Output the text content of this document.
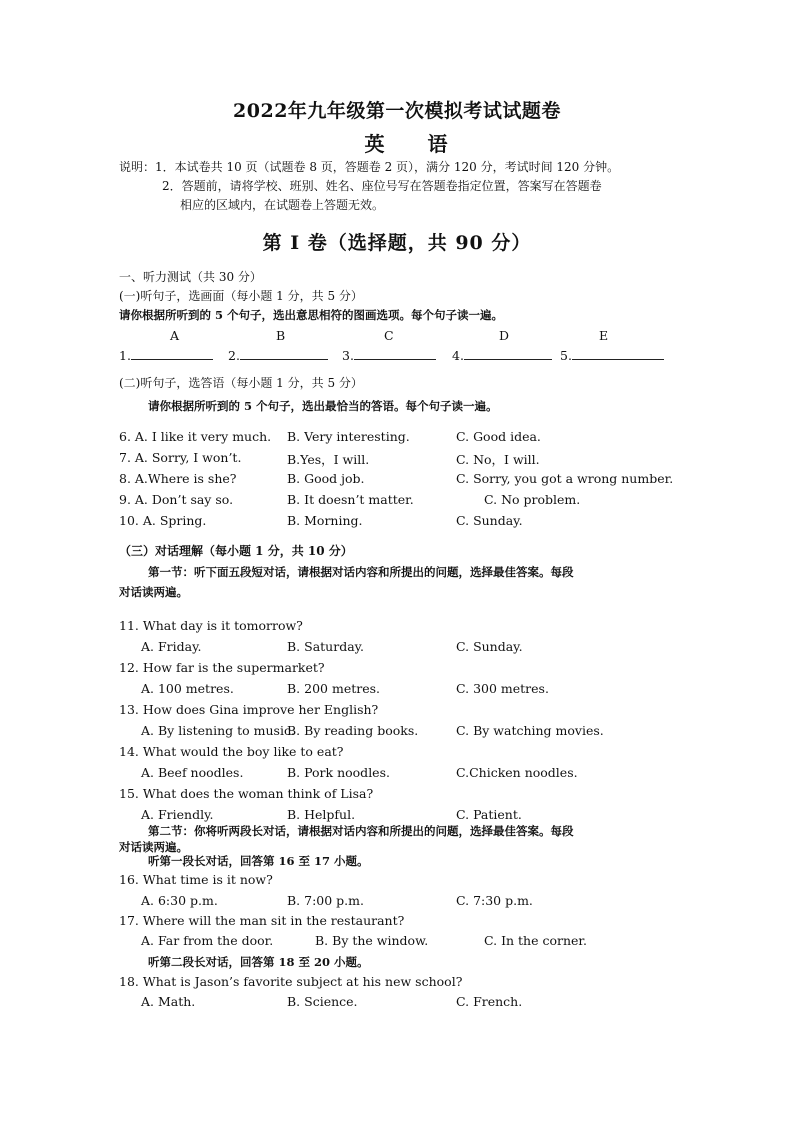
2022年九年级第一次模拟考试试题卷
英 语
说明：1．本试卷共 10 页（试题卷 8 页，答题卷 2 页），满分 120 分，考试时间 120 分钟。
2．答题前，请将学校、班别、姓名、座位号写在答题卷指定位置，答案写在答题卷
相应的区域内，在试题卷上答题无效。
第 Ⅰ 卷（选择题，共 90 分）
一、听力测试（共 30 分）
(一)听句子，选画面（每小题 1 分，共 5 分）
请你根据所听到的 5 个句子，选出意思相符的图画选项。每个句子读一遍。
A	B	C	D	E
1.	2.	3.	4.	5.
(二)听句子，选答语（每小题 1 分，共 5 分）
请你根据所听到的 5 个句子，选出最恰当的答语。每个句子读一遍。
6. A. I like it very much. B. Very interesting.	C. Good idea.
7. A. Sorry, I won’t.	B.Yes，I will.	C. No，I will.
8. A.Where is she?	B. Good job.	C. Sorry, you got a wrong number.
9. A. Don’t say so.	B. It doesn’t matter.	C. No problem.
10. A. Spring.	B. Morning.	C. Sunday.
（三）对话理解（每小题 1 分，共 10 分）
第一节：听下面五段短对话，请根据对话内容和所提出的问题，选择最佳答案。每段
对话读两遍。
11. What day is it tomorrow?
A. Friday.	B. Saturday.	C. Sunday.
12. How far is the supermarket?
A. 100 metres.	B. 200 metres.	C. 300 metres.
13. How does Gina improve her English?
A. By listening to music.
B. By reading books.	C. By watching movies.
14. What would the boy like to eat?
A. Beef noodles.	B. Pork noodles.	C.Chicken noodles.
15. What does the woman think of Lisa?
A. Friendly.	B. Helpful.	C. Patient.
第二节：你将听两段长对话，请根据对话内容和所提出的问题，选择最佳答案。每段
对话读两遍。
听第一段长对话，回答第 16 至 17 小题。
16. What time is it now?
A. 6:30 p.m.	B. 7:00 p.m.	C. 7:30 p.m.
17. Where will the man sit in the restaurant?
A. Far from the door.	B. By the window.	C. In the corner.
听第二段长对话，回答第 18 至 20 小题。
18. What is Jason’s favorite subject at his new school?
A. Math.	B. Science.	C. French.
